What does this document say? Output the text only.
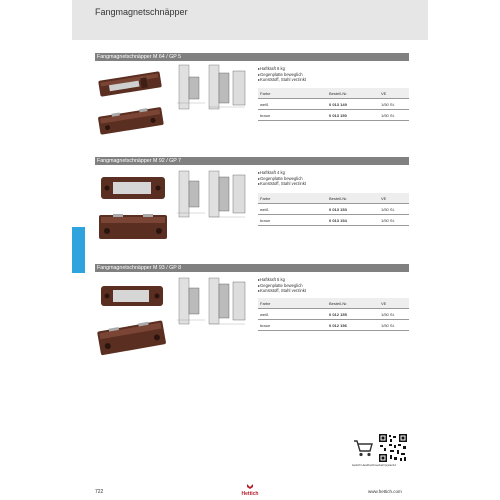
Fangmagnetschnäpper
Fangmagnetschnäpper M 64 / GP 5
▸ Haftkraft 6 kg
▸ Gegenplatte beweglich
▸ Kunststoff, Stahl verzinkt
Farbe	Bestell-Nr.	VE
weiß	0 013 149	1/50 St.
braun	0 013 150	1/50 St.
Fangmagnetschnäpper M 92 / GP 7
▸ Haftkraft 4 kg
▸ Gegenplatte beweglich
▸ Kunststoff, Stahl verzinkt
Farbe	Bestell-Nr.	VE
weiß	0 013 153	1/50 St.
braun	0 013 154	1/50 St.
Fangmagnetschnäpper M 93 / GP 8
▸ Haftkraft 5 kg
▸ Gegenplatte beweglich
▸ Kunststoff, Stahl verzinkt
Farbe	Bestell-Nr.	VE
weiß	0 012 155	1/50 St.
braun	0 012 156	1/50 St.
Hettich Handbuchsverkehr(e)ste/12
722	Hettich	www.hettich.com
